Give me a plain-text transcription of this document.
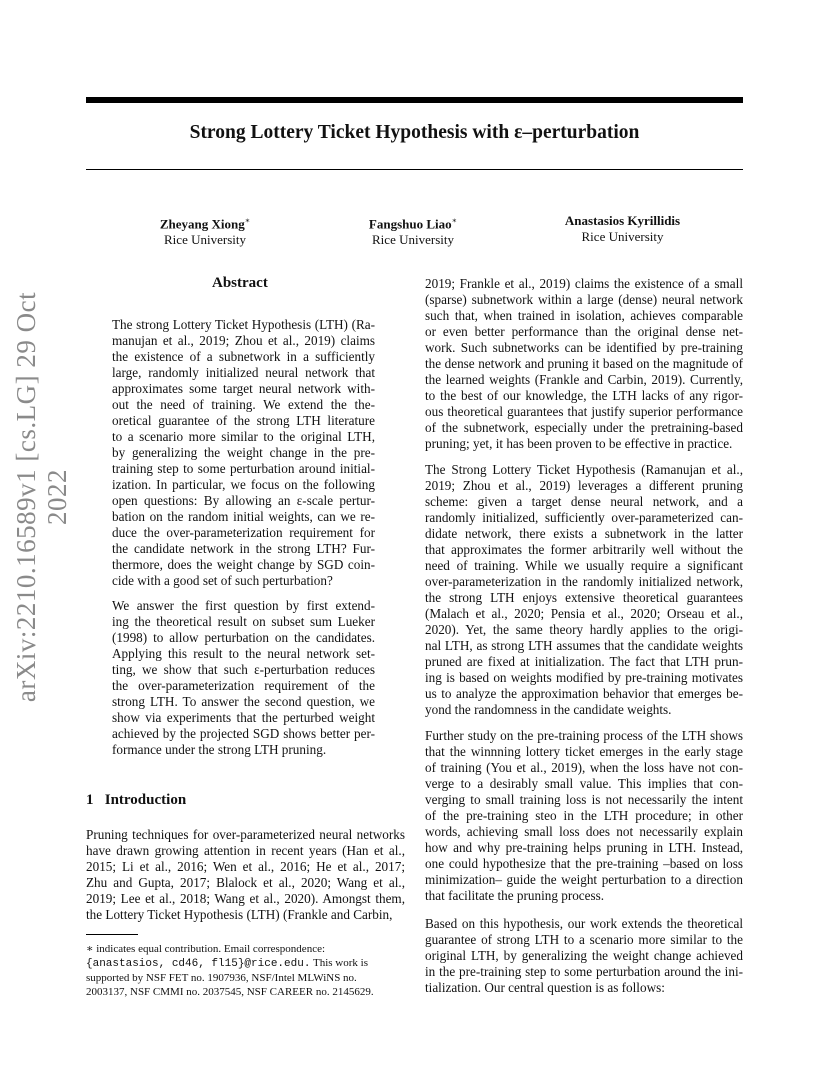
Strong Lottery Ticket Hypothesis with ε–perturbation
Zheyang Xiong∗
Rice University
Fangshuo Liao∗
Rice University
Anastasios Kyrillidis
Rice University
arXiv:2210.16589v1 [cs.LG] 29 Oct 2022
Abstract
The strong Lottery Ticket Hypothesis (LTH) (Ra-
manujan et al., 2019; Zhou et al., 2019) claims
the existence of a subnetwork in a sufficiently
large, randomly initialized neural network that
approximates some target neural network with-
out the need of training. We extend the the-
oretical guarantee of the strong LTH literature
to a scenario more similar to the original LTH,
by generalizing the weight change in the pre-
training step to some perturbation around initial-
ization. In particular, we focus on the following
open questions: By allowing an ε-scale pertur-
bation on the random initial weights, can we re-
duce the over-parameterization requirement for
the candidate network in the strong LTH? Fur-
thermore, does the weight change by SGD coin-
cide with a good set of such perturbation?
We answer the first question by first extend-
ing the theoretical result on subset sum Lueker
(1998) to allow perturbation on the candidates.
Applying this result to the neural network set-
ting, we show that such ε-perturbation reduces
the over-parameterization requirement of the
strong LTH. To answer the second question, we
show via experiments that the perturbed weight
achieved by the projected SGD shows better per-
formance under the strong LTH pruning.
1 Introduction
Pruning techniques for over-parameterized neural networks
have drawn growing attention in recent years (Han et al.,
2015; Li et al., 2016; Wen et al., 2016; He et al., 2017;
Zhu and Gupta, 2017; Blalock et al., 2020; Wang et al.,
2019; Lee et al., 2018; Wang et al., 2020). Amongst them,
the Lottery Ticket Hypothesis (LTH) (Frankle and Carbin,
∗ indicates equal contribution. Email correspondence:
{anastasios, cd46, fl15}@rice.edu. This work is
supported by NSF FET no. 1907936, NSF/Intel MLWiNS no.
2003137, NSF CMMI no. 2037545, NSF CAREER no. 2145629.
2019; Frankle et al., 2019) claims the existence of a small
(sparse) subnetwork within a large (dense) neural network
such that, when trained in isolation, achieves comparable
or even better performance than the original dense net-
work. Such subnetworks can be identified by pre-training
the dense network and pruning it based on the magnitude of
the learned weights (Frankle and Carbin, 2019). Currently,
to the best of our knowledge, the LTH lacks of any rigor-
ous theoretical guarantees that justify superior performance
of the subnetwork, especially under the pretraining-based
pruning; yet, it has been proven to be effective in practice.
The Strong Lottery Ticket Hypothesis (Ramanujan et al.,
2019; Zhou et al., 2019) leverages a different pruning
scheme: given a target dense neural network, and a
randomly initialized, sufficiently over-parameterized can-
didate network, there exists a subnetwork in the latter
that approximates the former arbitrarily well without the
need of training. While we usually require a significant
over-parameterization in the randomly initialized network,
the strong LTH enjoys extensive theoretical guarantees
(Malach et al., 2020; Pensia et al., 2020; Orseau et al.,
2020). Yet, the same theory hardly applies to the origi-
nal LTH, as strong LTH assumes that the candidate weights
pruned are fixed at initialization. The fact that LTH prun-
ing is based on weights modified by pre-training motivates
us to analyze the approximation behavior that emerges be-
yond the randomness in the candidate weights.
Further study on the pre-training process of the LTH shows
that the winnning lottery ticket emerges in the early stage
of training (You et al., 2019), when the loss have not con-
verge to a desirably small value. This implies that con-
verging to small training loss is not necessarily the intent
of the pre-training steo in the LTH procedure; in other
words, achieving small loss does not necessarily explain
how and why pre-training helps pruning in LTH. Instead,
one could hypothesize that the pre-training –based on loss
minimization– guide the weight perturbation to a direction
that facilitate the pruning process.
Based on this hypothesis, our work extends the theoretical
guarantee of strong LTH to a scenario more similar to the
original LTH, by generalizing the weight change achieved
in the pre-training step to some perturbation around the ini-
tialization. Our central question is as follows:
